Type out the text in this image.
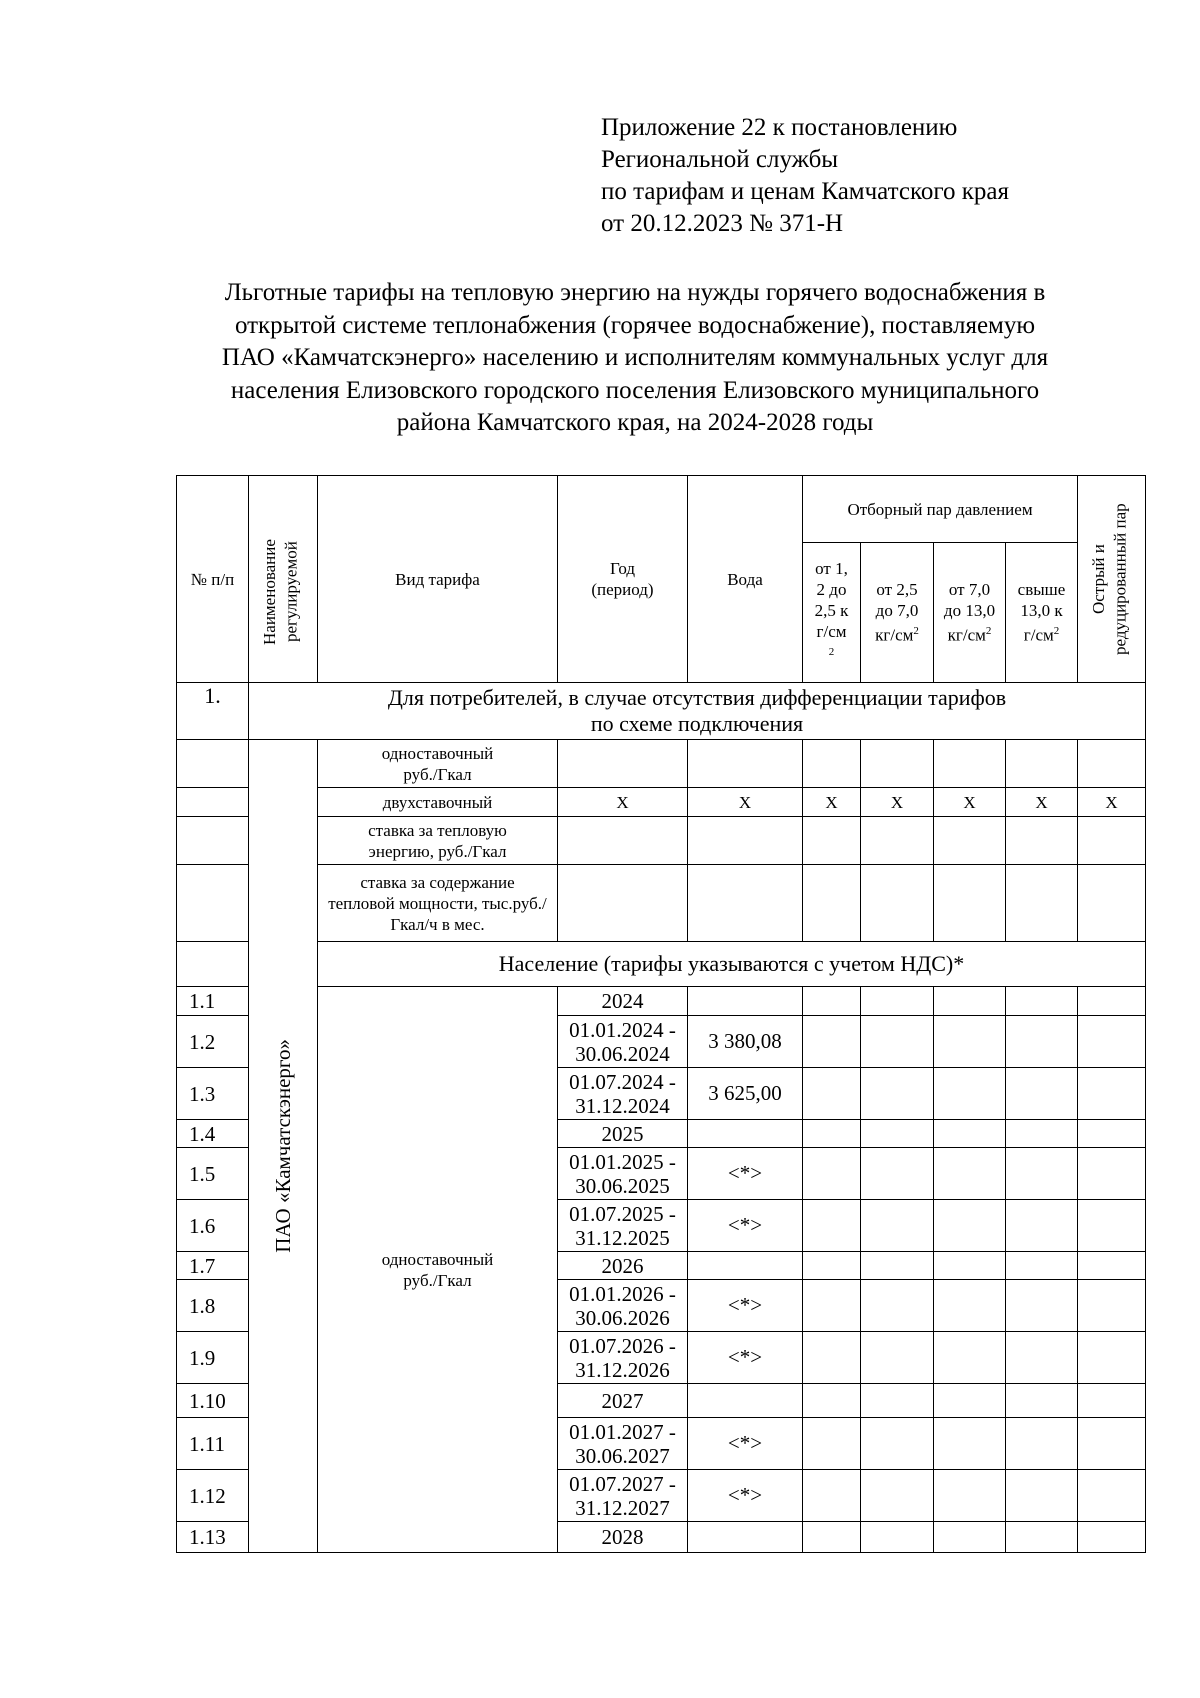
Приложение 22 к постановлению
Региональной службы
по тарифам и ценам Камчатского края
от 20.12.2023 № 371-Н
Льготные тарифы на тепловую энергию на нужды горячего водоснабжения в
открытой системе теплонабжения (горячее водоснабжение), поставляемую
ПАО «Камчатскэнерго» населению и исполнителям коммунальных услуг для
населения Елизовского городского поселения Елизовского муниципального
района Камчатского края, на 2024-2028 годы
№ п/п	Наименование регулируемой	Вид тарифа	Год (период)	Вода	Отборный пар давлением				Острый и редуцированный пар

					от 1,2 до 2,5 $кг/см^2$	от 2,5 до 7,0 $кг/см^2$	от 7,0 до 13,0 $кг/см^2$	свыше 13,0 $кг/см^2$

1.	Для потребителей, в случае отсутствия дифференциации тарифов
по схеме подключения								

	ПАО «Камчатскэнерго»	одноставочный руб./Гкал							

		двухставочный	X	X	X	X	X	X	X

		ставка за тепловую энергию, руб./Гкал							

		ставка за содержание тепловой мощности, тыс.руб./Гкал/ч в мес.							

		Население (тарифы указываются с учетом НДС)*							
1.1		одноставочный руб./Гкал	2024						
1.2			01.01.2024 - 30.06.2024	3 380,08					
1.3			01.07.2024 - 31.12.2024	3 625,00					
1.4			2025						
1.5			01.01.2025 - 30.06.2025	<*>					
1.6			01.07.2025 - 31.12.2025	<*>					
1.7			2026						
1.8			01.01.2026 - 30.06.2026	<*>					
1.9			01.07.2026 - 31.12.2026	<*>					
1.10			2027						
1.11			01.01.2027 - 30.06.2027	<*>					
1.12			01.07.2027 - 31.12.2027	<*>					
1.13			2028						
